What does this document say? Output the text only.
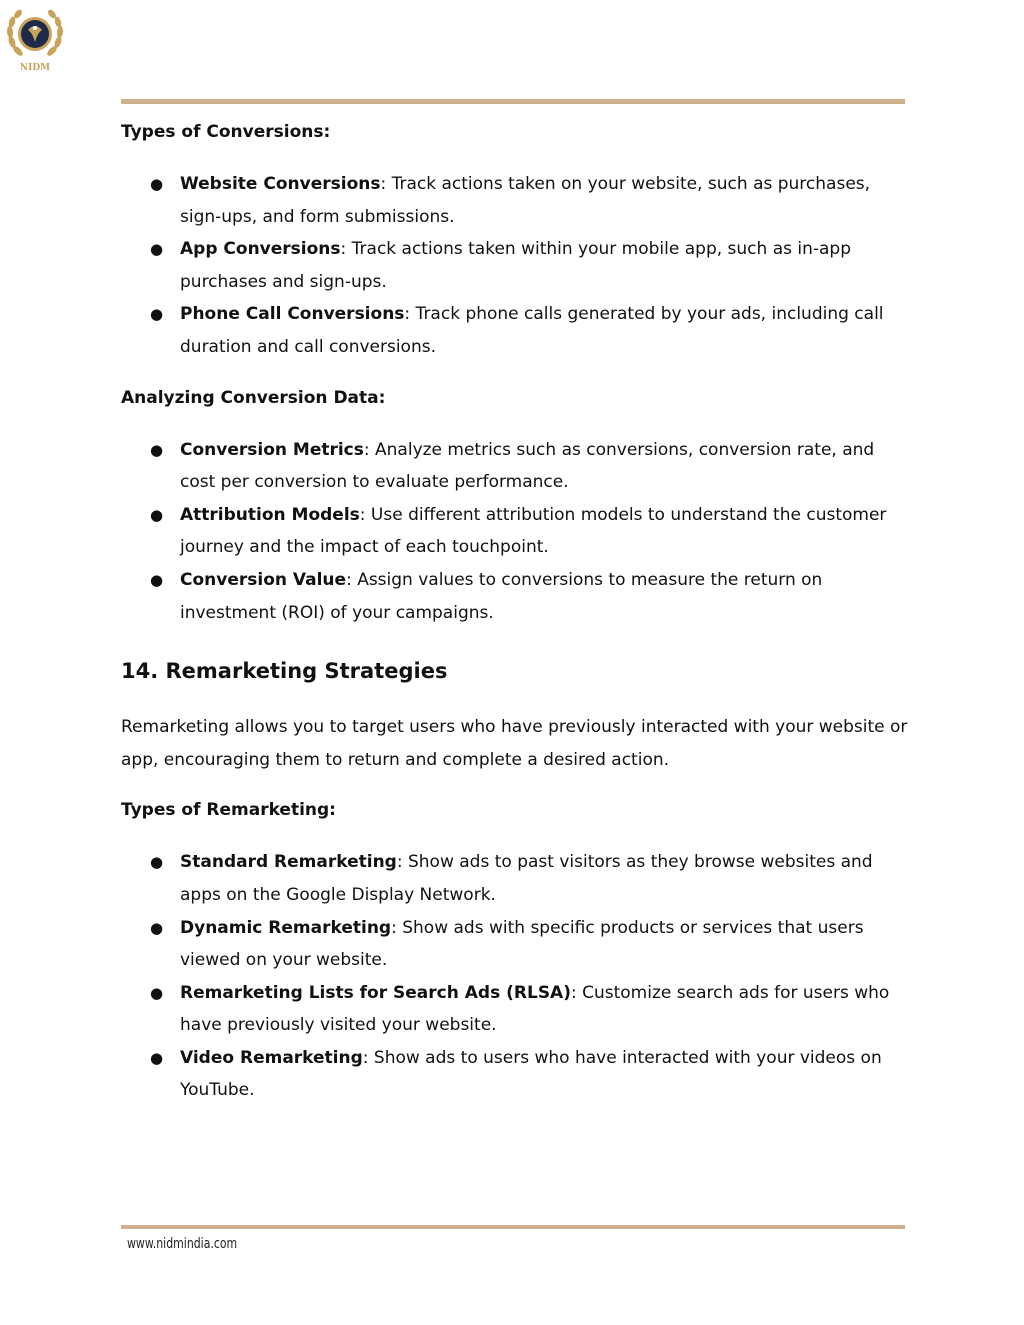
NIDM
Types of Conversions:
● Website Conversions: Track actions taken on your website, such as purchases, sign-ups, and form submissions.
● App Conversions: Track actions taken within your mobile app, such as in-app purchases and sign-ups.
● Phone Call Conversions: Track phone calls generated by your ads, including call duration and call conversions.
Analyzing Conversion Data:
● Conversion Metrics: Analyze metrics such as conversions, conversion rate, and cost per conversion to evaluate performance.
● Attribution Models: Use different attribution models to understand the customer journey and the impact of each touchpoint.
● Conversion Value: Assign values to conversions to measure the return on investment (ROI) of your campaigns.
14. Remarketing Strategies

Remarketing allows you to target users who have previously interacted with your website or app, encouraging them to return and complete a desired action.

Types of Remarketing:
● Standard Remarketing: Show ads to past visitors as they browse websites and apps on the Google Display Network.
● Dynamic Remarketing: Show ads with specific products or services that users viewed on your website.
● Remarketing Lists for Search Ads (RLSA): Customize search ads for users who have previously visited your website.
● Video Remarketing: Show ads to users who have interacted with your videos on YouTube.
www.nidmindia.com
